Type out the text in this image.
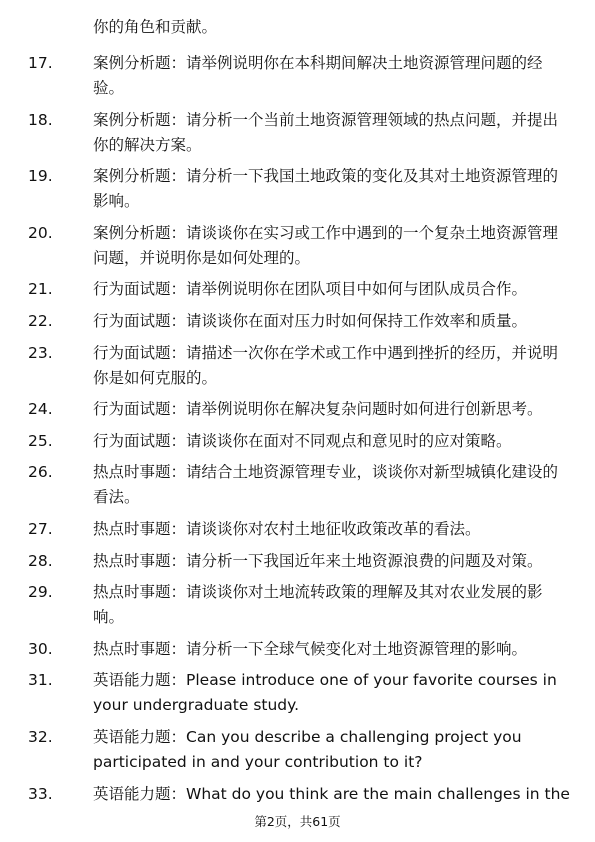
你的角色和贡献。
17.	案例分析题：请举例说明你在本科期间解决土地资源管理问题的经验。
18.	案例分析题：请分析一个当前土地资源管理领域的热点问题，并提出你的解决方案。
19.	案例分析题：请分析一下我国土地政策的变化及其对土地资源管理的影响。
20.	案例分析题：请谈谈你在实习或工作中遇到的一个复杂土地资源管理问题，并说明你是如何处理的。
21.	行为面试题：请举例说明你在团队项目中如何与团队成员合作。
22.	行为面试题：请谈谈你在面对压力时如何保持工作效率和质量。
23.	行为面试题：请描述一次你在学术或工作中遇到挫折的经历，并说明你是如何克服的。
24.	行为面试题：请举例说明你在解决复杂问题时如何进行创新思考。
25.	行为面试题：请谈谈你在面对不同观点和意见时的应对策略。
26.	热点时事题：请结合土地资源管理专业，谈谈你对新型城镇化建设的看法。
27.	热点时事题：请谈谈你对农村土地征收政策改革的看法。
28.	热点时事题：请分析一下我国近年来土地资源浪费的问题及对策。
29.	热点时事题：请谈谈你对土地流转政策的理解及其对农业发展的影响。
30.	热点时事题：请分析一下全球气候变化对土地资源管理的影响。
31.	英语能力题：Please introduce one of your favorite courses in your undergraduate study.
32.	英语能力题：Can you describe a challenging project you participated in and your contribution to it?
33.	英语能力题：What do you think are the main challenges in the
第2页，共61页
